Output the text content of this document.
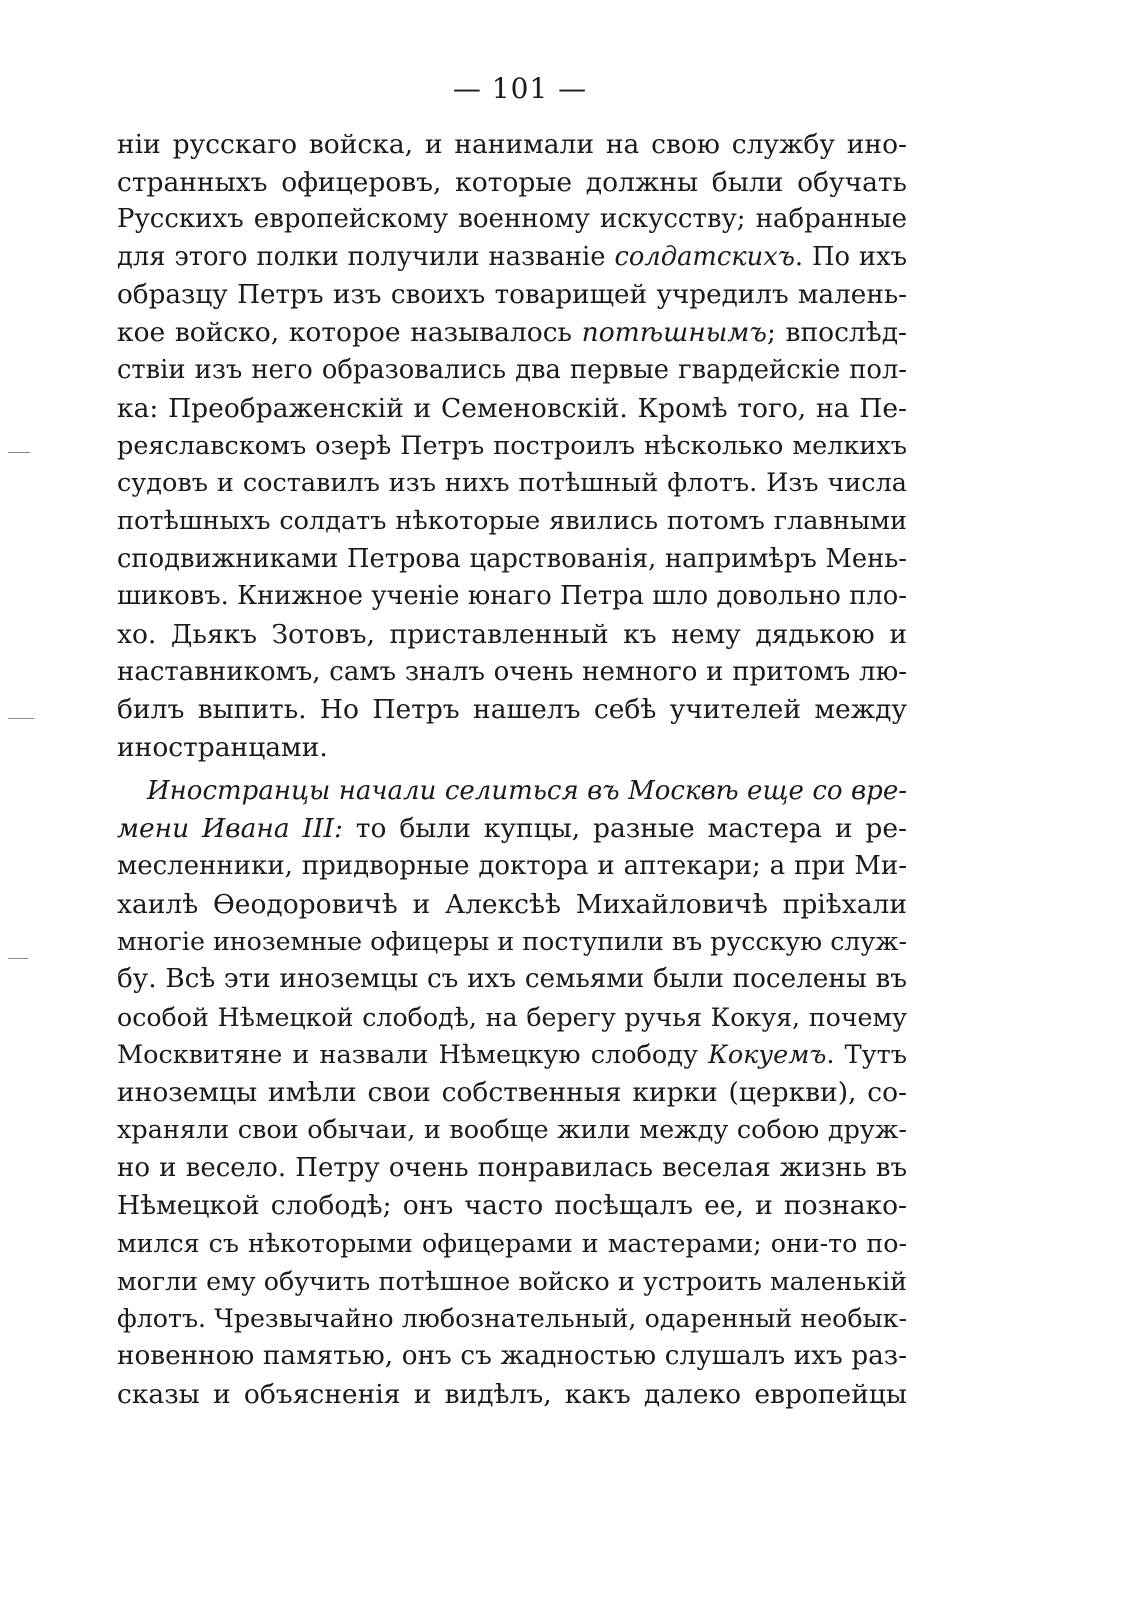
— 101 —
ніи русскаго войска, и нанимали на свою службу ино-
странныхъ офицеровъ, которые должны были обучать
Русскихъ европейскому военному искусству; набранные
для этого полки получили названіе солдатскихъ. По ихъ
образцу Петръ изъ своихъ товарищей учредилъ малень-
кое войско, которое называлось потѣшнымъ; впослѣд-
ствіи изъ него образовались два первые гвардейскіе пол-
ка: Преображенскій и Семеновскій. Кромѣ того, на Пе-
реяславскомъ озерѣ Петръ построилъ нѣсколько мелкихъ
судовъ и составилъ изъ нихъ потѣшный флотъ. Изъ числа
потѣшныхъ солдатъ нѣкоторые явились потомъ главными
сподвижниками Петрова царствованія, напримѣръ Мень-
шиковъ. Книжное ученіе юнаго Петра шло довольно пло-
хо. Дьякъ Зотовъ, приставленный къ нему дядькою и
наставникомъ, самъ зналъ очень немного и притомъ лю-
билъ выпить. Но Петръ нашелъ себѣ учителей между
иностранцами.
Иностранцы начали селиться въ Москвѣ еще со вре-
мени Ивана III: то были купцы, разные мастера и ре-
месленники, придворные доктора и аптекари; а при Ми-
хаилѣ Ѳеодоровичѣ и Алексѣѣ Михайловичѣ пріѣхали
многіе иноземные офицеры и поступили въ русскую служ-
бу. Всѣ эти иноземцы съ ихъ семьями были поселены въ
особой Нѣмецкой слободѣ, на берегу ручья Кокуя, почему
Москвитяне и назвали Нѣмецкую слободу Кокуемъ. Тутъ
иноземцы имѣли свои собственныя кирки (церкви), со-
храняли свои обычаи, и вообще жили между собою друж-
но и весело. Петру очень понравилась веселая жизнь въ
Нѣмецкой слободѣ; онъ часто посѣщалъ ее, и познако-
мился съ нѣкоторыми офицерами и мастерами; они-то по-
могли ему обучить потѣшное войско и устроить маленькій
флотъ. Чрезвычайно любознательный, одаренный необык-
новенною памятью, онъ съ жадностью слушалъ ихъ раз-
сказы и объясненія и видѣлъ, какъ далеко европейцы
